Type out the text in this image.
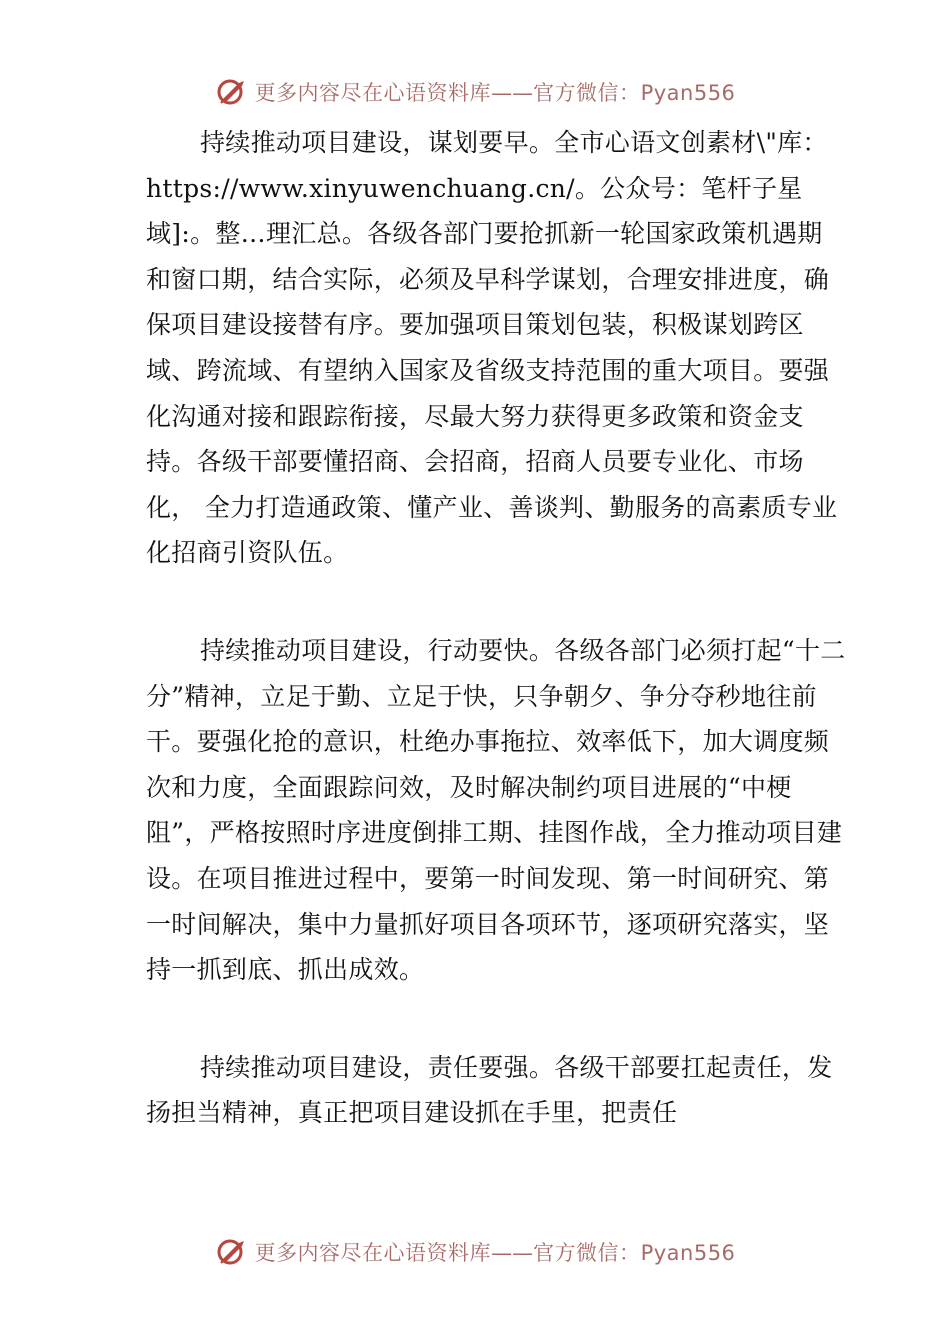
更多内容尽在心语资料库——官方微信：Pyan556

持续推动项目建设，谋划要早。全市心语文创素材\"库：https://www.xinyuwenchuang.cn/。公众号：笔杆子星域]:。整…理汇总。各级各部门要抢抓新一轮国家政策机遇期和窗口期，结合实际，必须及早科学谋划，合理安排进度，确保项目建设接替有序。要加强项目策划包装，积极谋划跨区域、跨流域、有望纳入国家及省级支持范围的重大项目。要强化沟通对接和跟踪衔接，尽最大努力获得更多政策和资金支持。各级干部要懂招商、会招商，招商人员要专业化、市场化， 全力打造通政策、懂产业、善谈判、勤服务的高素质专业化招商引资队伍。

持续推动项目建设，行动要快。各级各部门必须打起“十二分”精神，立足于勤、立足于快，只争朝夕、争分夺秒地往前干。要强化抢的意识，杜绝办事拖拉、效率低下，加大调度频次和力度，全面跟踪问效，及时解决制约项目进展的“中梗阻”，严格按照时序进度倒排工期、挂图作战，全力推动项目建设。在项目推进过程中，要第一时间发现、第一时间研究、第一时间解决，集中力量抓好项目各项环节，逐项研究落实，坚持一抓到底、抓出成效。

持续推动项目建设，责任要强。各级干部要扛起责任，发扬担当精神，真正把项目建设抓在手里，把责任

更多内容尽在心语资料库——官方微信：Pyan556
